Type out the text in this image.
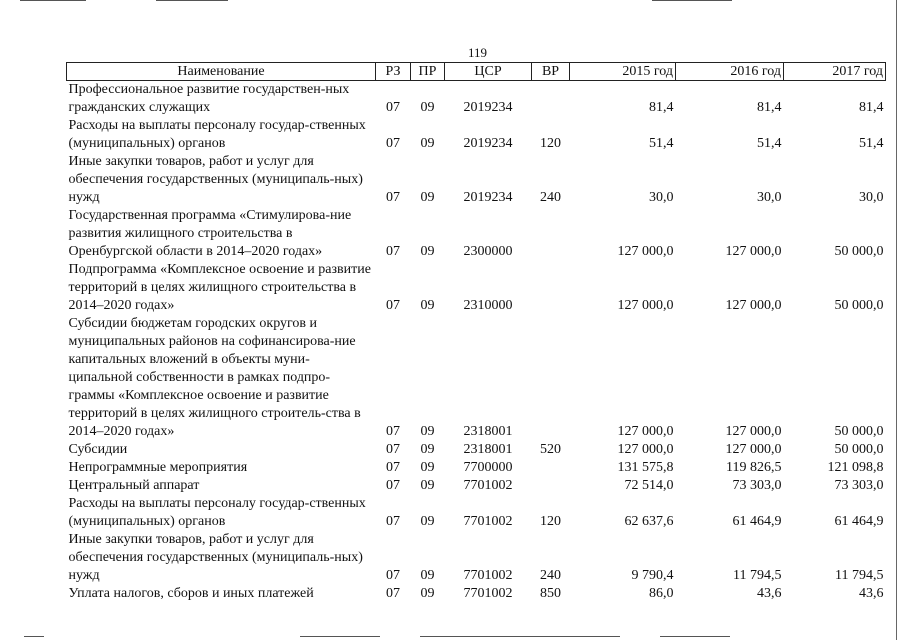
119
Наименование	РЗ	ПР	ЦСР	ВР	2015 год	2016 год	2017 год
Профессиональное развитие государствен-ных гражданских служащих	07	09	2019234		81,4	81,4	81,4
Расходы на выплаты персоналу государ-ственных (муниципальных) органов	07	09	2019234	120	51,4	51,4	51,4
Иные закупки товаров, работ и услуг для обеспечения государственных (муниципаль-ных) нужд	07	09	2019234	240	30,0	30,0	30,0
Государственная программа «Стимулирова-ние развития жилищного строительства в Оренбургской области в 2014–2020 годах»	07	09	2300000		127 000,0	127 000,0	50 000,0
Подпрограмма «Комплексное освоение и развитие территорий в целях жилищного строительства в 2014–2020 годах»	07	09	2310000		127 000,0	127 000,0	50 000,0
Субсидии бюджетам городских округов и муниципальных районов на софинансирова-ние капитальных вложений в объекты муни-ципальной собственности в рамках подпро-граммы «Комплексное освоение и развитие территорий в целях жилищного строитель-ства в 2014–2020 годах»	07	09	2318001		127 000,0	127 000,0	50 000,0
Субсидии	07	09	2318001	520	127 000,0	127 000,0	50 000,0
Непрограммные мероприятия	07	09	7700000		131 575,8	119 826,5	121 098,8
Центральный аппарат	07	09	7701002		72 514,0	73 303,0	73 303,0
Расходы на выплаты персоналу государ-ственных (муниципальных) органов	07	09	7701002	120	62 637,6	61 464,9	61 464,9
Иные закупки товаров, работ и услуг для обеспечения государственных (муниципаль-ных) нужд	07	09	7701002	240	9 790,4	11 794,5	11 794,5
Уплата налогов, сборов и иных платежей	07	09	7701002	850	86,0	43,6	43,6
